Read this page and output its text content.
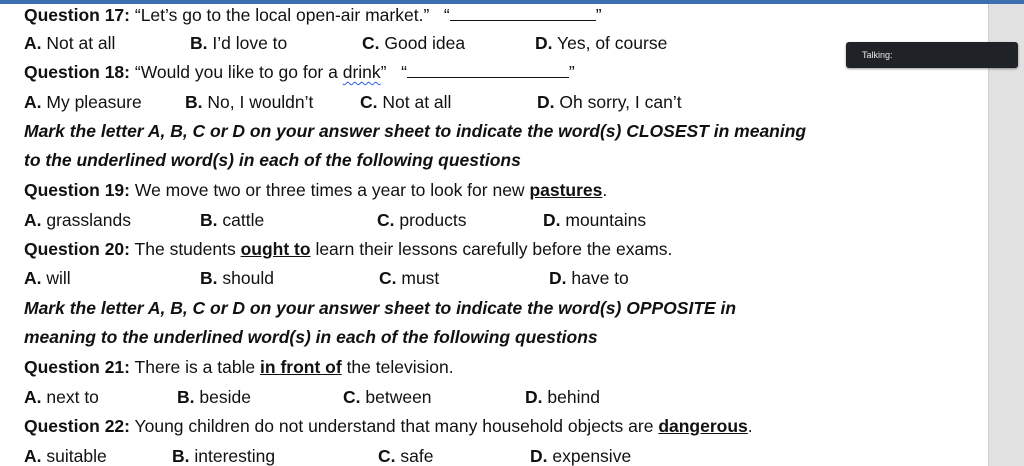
Question 17: “Let’s go to the local open-air market.” “	”
A. Not at all	B. I’d love to	C. Good idea	D. Yes, of course
Question 18: “Would you like to go for a drink” “	”
A. My pleasure B. No, I wouldn’t	C. Not at all	D. Oh sorry, I can’t
Mark the letter A, B, C or D on your answer sheet to indicate the word(s) CLOSEST in meaning
to the underlined word(s) in each of the following questions
Question 19: We move two or three times a year to look for new pastures.
A. grasslands	B. cattle	C. products	D. mountains
Question 20: The students ought to learn their lessons carefully before the exams.
A. will	B. should	C. must	D. have to
Mark the letter A, B, C or D on your answer sheet to indicate the word(s) OPPOSITE in
meaning to the underlined word(s) in each of the following questions
Question 21: There is a table in front of the television.
A. next to	B. beside	C. between	D. behind
Question 22: Young children do not understand that many household objects are dangerous.
A. suitable	B. interesting	C. safe	D. expensive
Talking:
